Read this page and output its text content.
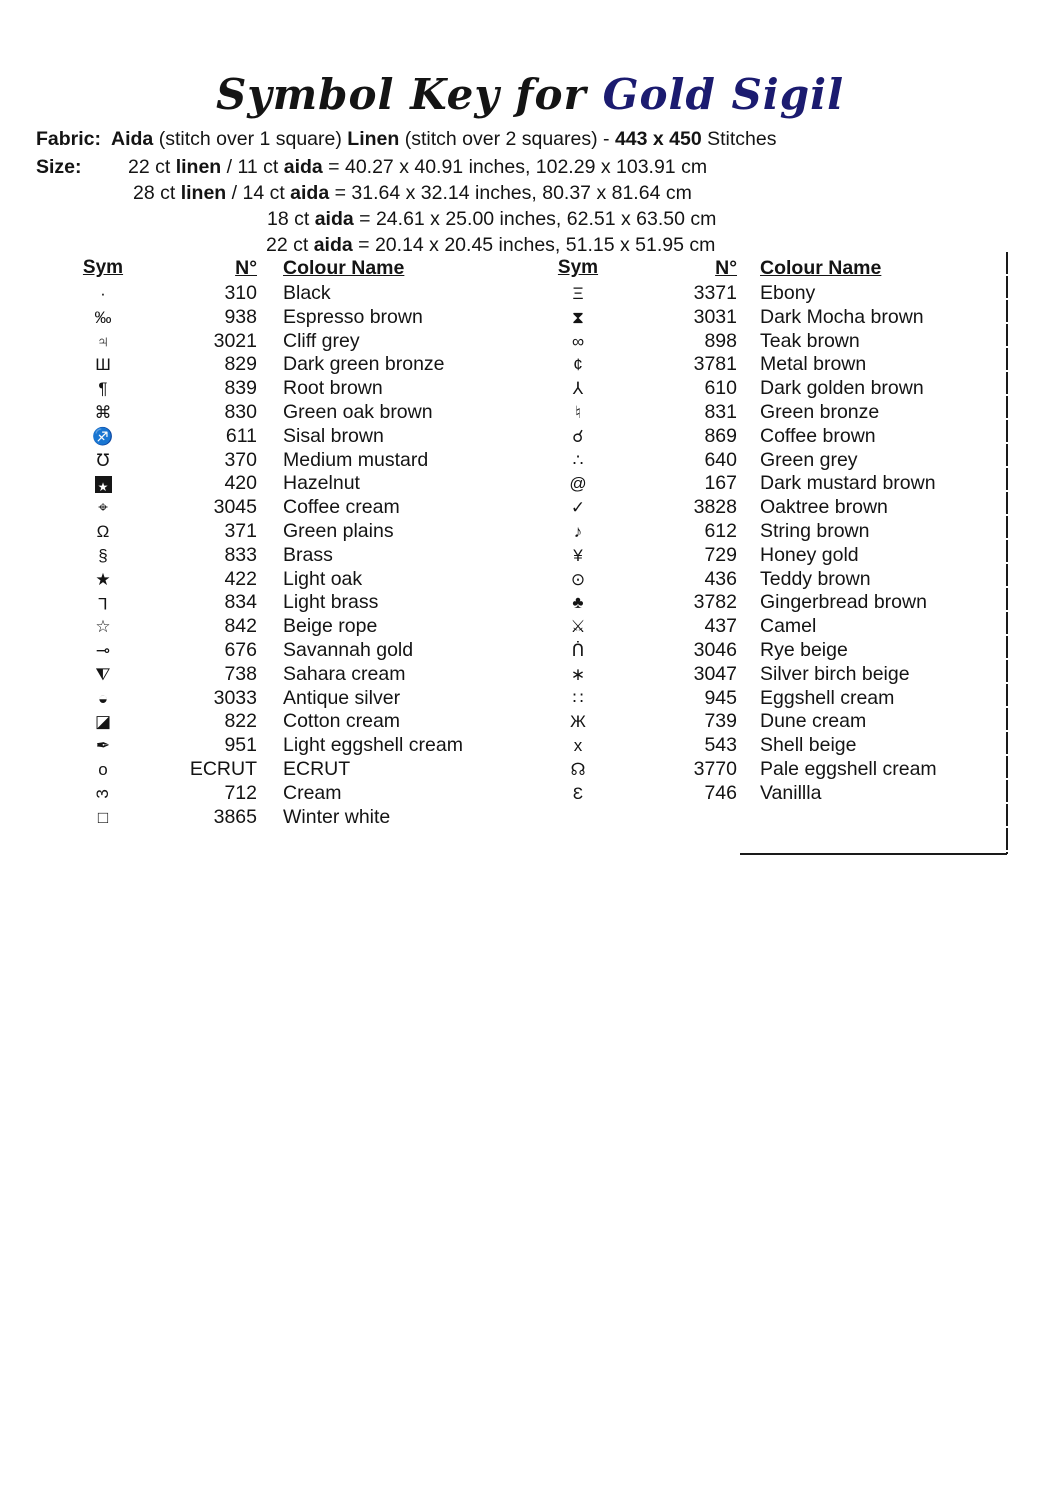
Symbol Key for Gold Sigil
Fabric: Aida (stitch over 1 square) Linen (stitch over 2 squares) - 443 x 450 Stitches
Size:	22 ct linen / 11 ct aida = 40.27 x 40.91 inches, 102.29 x 103.91 cm
28 ct linen / 14 ct aida = 31.64 x 32.14 inches, 80.37 x 81.64 cm
18 ct aida = 24.61 x 25.00 inches, 62.51 x 63.50 cm
22 ct aida = 20.14 x 20.45 inches, 51.15 x 51.95 cm
Sym	N°	Colour Name
·	310	Black
‰	938	Espresso brown
♃	3021	Cliff grey
Ш	829	Dark green bronze
¶	839	Root brown
⌘	830	Green oak brown
♐	611	Sisal brown
℧	370	Medium mustard
★	420	Hazelnut
⌖	3045	Coffee cream
Ω	371	Green plains
§	833	Brass
★	422	Light oak
L	834	Light brass
☆	842	Beige rope
⊸	676	Savannah gold
⧨	738	Sahara cream
◒	3033	Antique silver
◪	822	Cotton cream
✒	951	Light eggshell cream
o	ECRUT	ECRUT
3	712	Cream
□	3865	Winter white
Sym	N°	Colour Name
Ξ	3371	Ebony
⧗	3031	Dark Mocha brown
∞	898	Teak brown
¢	3781	Metal brown
⅄	610	Dark golden brown
♮	831	Green bronze
☌	869	Coffee brown
∴	640	Green grey
@	167	Dark mustard brown
✓	3828	Oaktree brown
♪	612	String brown
¥	729	Honey gold
⊙	436	Teddy brown
♣	3782	Gingerbread brown
⚔	437	Camel
ᑏ	3046	Rye beige
∗	3047	Silver birch beige
∷	945	Eggshell cream
Ж	739	Dune cream
x	543	Shell beige
☊	3770	Pale eggshell cream
Ɛ	746	Vanillla
